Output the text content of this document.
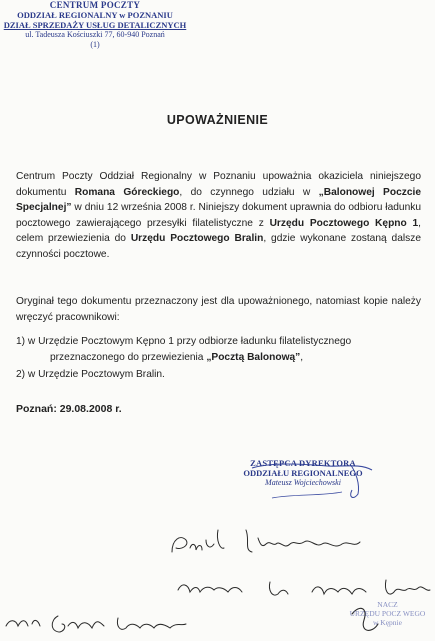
CENTRUM POCZTY
ODDZIAŁ REGIONALNY w POZNANIU
DZIAŁ SPRZEDAŻY USŁUG DETALICZNYCH
ul. Tadeusza Kościuszki 77, 60-940 Poznań
(1)
UPOWAŻNIENIE
Centrum Poczty Oddział Regionalny w Poznaniu upoważnia okaziciela niniejszego dokumentu Romana Góreckiego, do czynnego udziału w „Balonowej Poczcie Specjalnej” w dniu 12 września 2008 r. Niniejszy dokument uprawnia do odbioru ładunku pocztowego zawierającego przesyłki filatelistyczne z Urzędu Pocztowego Kępno 1, celem przewiezienia do Urzędu Pocztowego Bralin, gdzie wykonane zostaną dalsze czynności pocztowe.
Oryginał tego dokumentu przeznaczony jest dla upoważnionego, natomiast kopie należy wręczyć pracownikowi:
1) w Urzędzie Pocztowym Kępno 1 przy odbiorze ładunku filatelistycznego
przeznaczonego do przewiezienia „Pocztą Balonową”,
2) w Urzędzie Pocztowym Bralin.
Poznań: 29.08.2008 r.
ZASTĘPCA DYREKTORA
ODDZIAŁU REGIONALNEGO
Mateusz Wojciechowski
NACZ
URZĘDU POCZ WEGO
w Kępnie
